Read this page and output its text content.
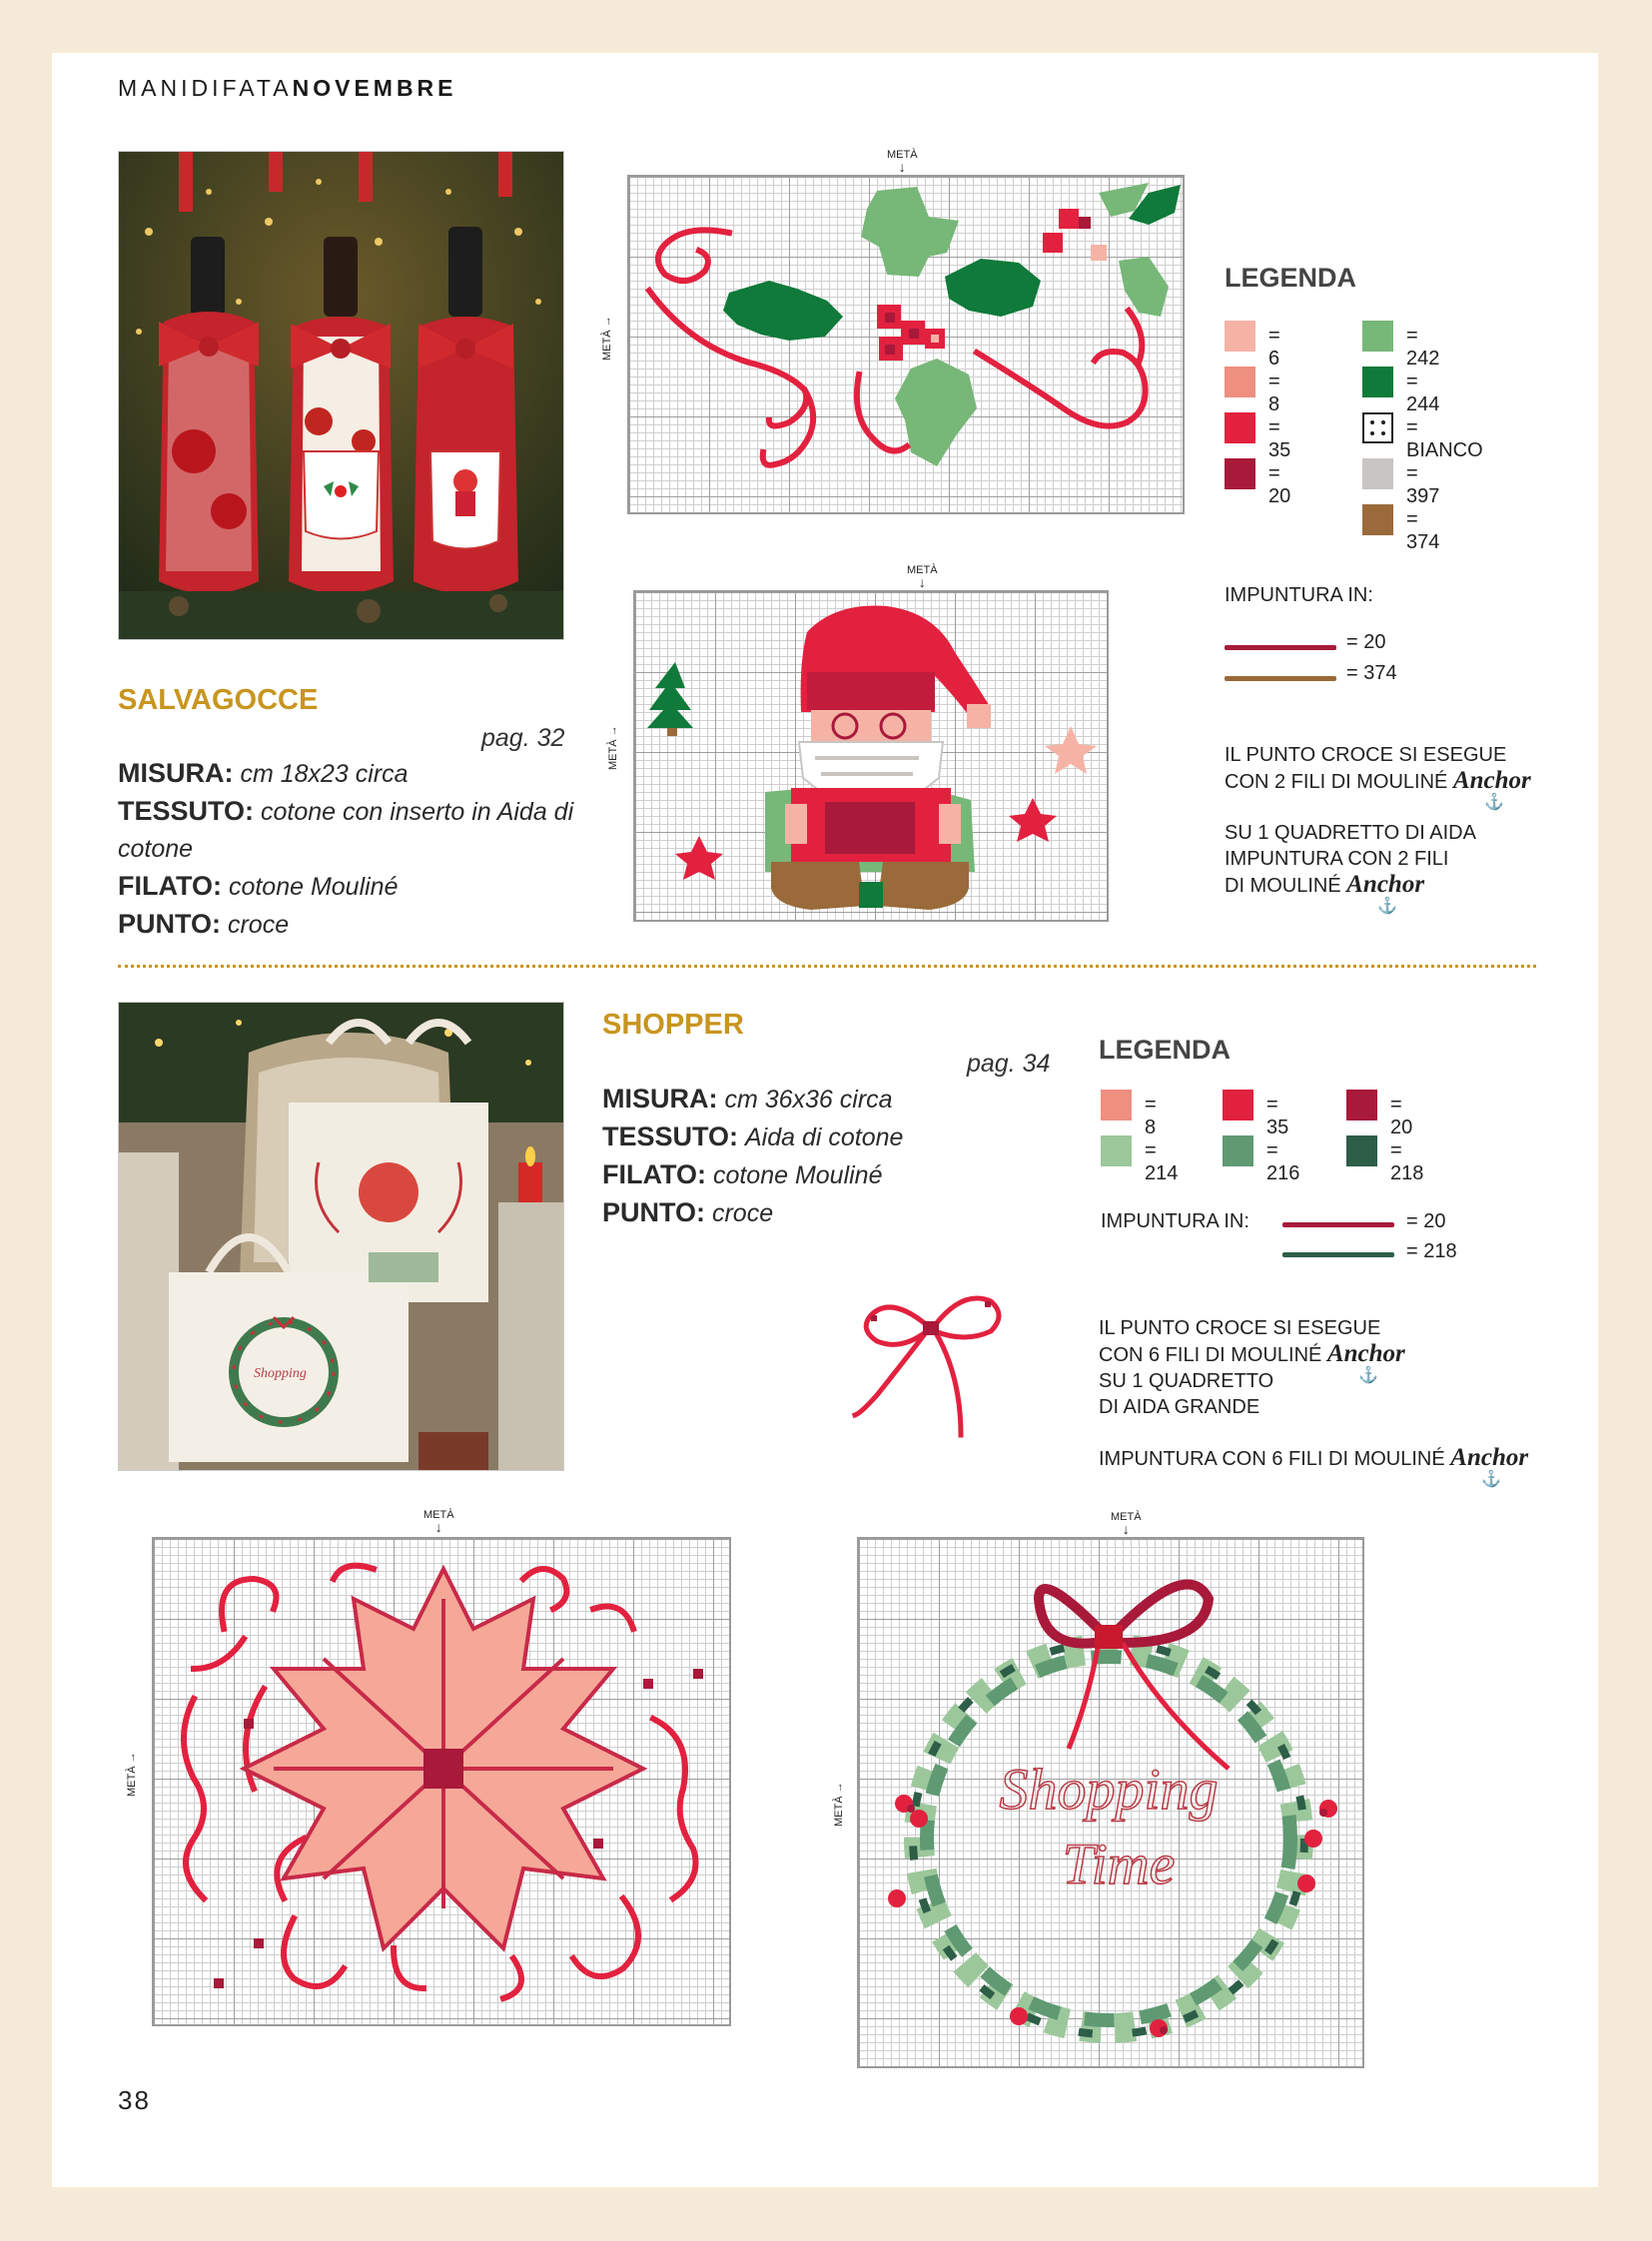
MANIDIFATANOVEMBRE
SALVAGOCCE
pag. 32
MISURA: cm 18x23 circa
TESSUTO: cotone con inserto in Aida di cotone
FILATO: cotone Mouliné
PUNTO: croce
METÀ
↓
METÀ →
METÀ
↓
METÀ →
LEGENDA
= 6
= 8
= 35
= 20
= 242
= 244
= BIANCO
= 397
= 374
IMPUNTURA IN:
= 20
= 374
IL PUNTO CROCE SI ESEGUE
CON 2 FILI DI MOULINÉ Anchor
⚓
SU 1 QUADRETTO DI AIDA
IMPUNTURA CON 2 FILI
DI MOULINÉ Anchor
⚓
Shopping
SHOPPER
pag. 34
MISURA: cm 36x36 circa
TESSUTO: Aida di cotone
FILATO: cotone Mouliné
PUNTO: croce
LEGENDA
= 8
= 35
= 20
= 214
= 216
= 218
IMPUNTURA IN:	= 20
= 218
IL PUNTO CROCE SI ESEGUE
CON 6 FILI DI MOULINÉ Anchor
⚓
SU 1 QUADRETTO
DI AIDA GRANDE
IMPUNTURA CON 6 FILI DI MOULINÉ Anchor
⚓
METÀ
↓
METÀ →
METÀ
↓
METÀ →	Shopping
Time
38
